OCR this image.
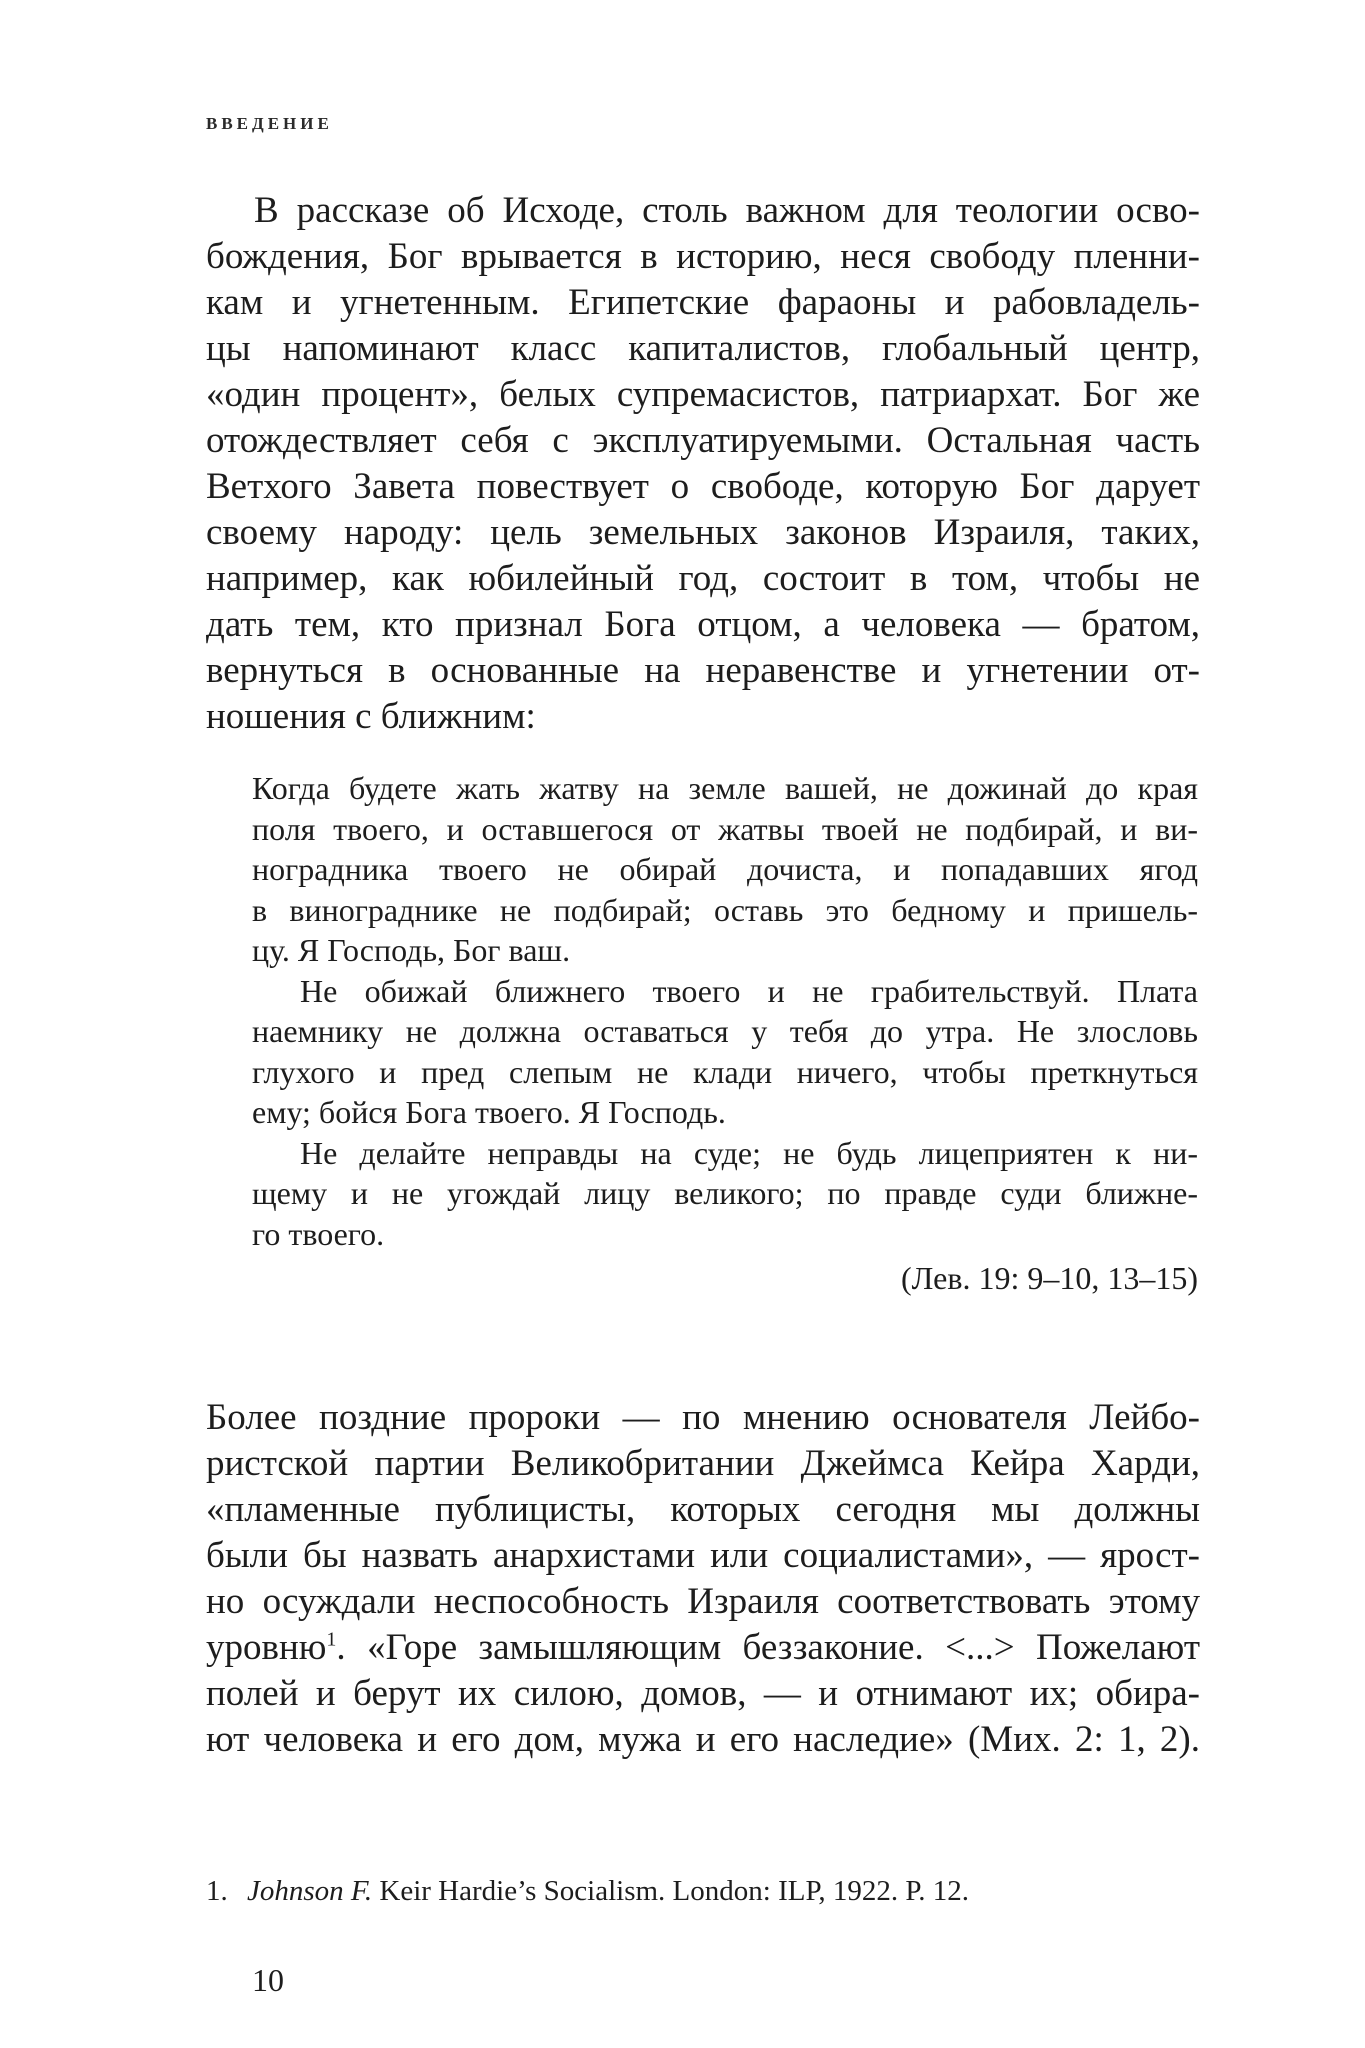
ВВЕДЕНИЕ
В рассказе об Исходе, столь важном для теологии осво-
бождения, Бог врывается в историю, неся свободу пленни-
кам и угнетенным. Египетские фараоны и рабовладель-
цы напоминают класс капиталистов, глобальный центр,
«один процент», белых супремасистов, патриархат. Бог же
отождествляет себя с эксплуатируемыми. Остальная часть
Ветхого Завета повествует о свободе, которую Бог дарует
своему народу: цель земельных законов Израиля, таких,
например, как юбилейный год, состоит в том, чтобы не
дать тем, кто признал Бога отцом, а человека — братом,
вернуться в основанные на неравенстве и угнетении от-
ношения с ближним:
Когда будете жать жатву на земле вашей, не дожинай до края
поля твоего, и оставшегося от жатвы твоей не подбирай, и ви-
ноградника твоего не обирай дочиста, и попадавших ягод
в винограднике не подбирай; оставь это бедному и пришель-
цу. Я Господь, Бог ваш.
Не обижай ближнего твоего и не грабительствуй. Плата
наемнику не должна оставаться у тебя до утра. Не злословь
глухого и пред слепым не клади ничего, чтобы преткнуться
ему; бойся Бога твоего. Я Господь.
Не делайте неправды на суде; не будь лицеприятен к ни-
щему и не угождай лицу великого; по правде суди ближне-
го твоего.
(Лев. 19: 9–10, 13–15)
Более поздние пророки — по мнению основателя Лейбо-
ристской партии Великобритании Джеймса Кейра Харди,
«пламенные публицисты, которых сегодня мы должны
были бы назвать анархистами или социалистами», — ярост-
но осуждали неспособность Израиля соответствовать этому
уровню$^1$. «Горе замышляющим беззаконие. <...> Пожелают
полей и берут их силою, домов, — и отнимают их; обира-
ют человека и его дом, мужа и его наследие» (Мих. 2: 1, 2).
1. Johnson F. Keir Hardie’s Socialism. London: ILP, 1922. P. 12.
10
